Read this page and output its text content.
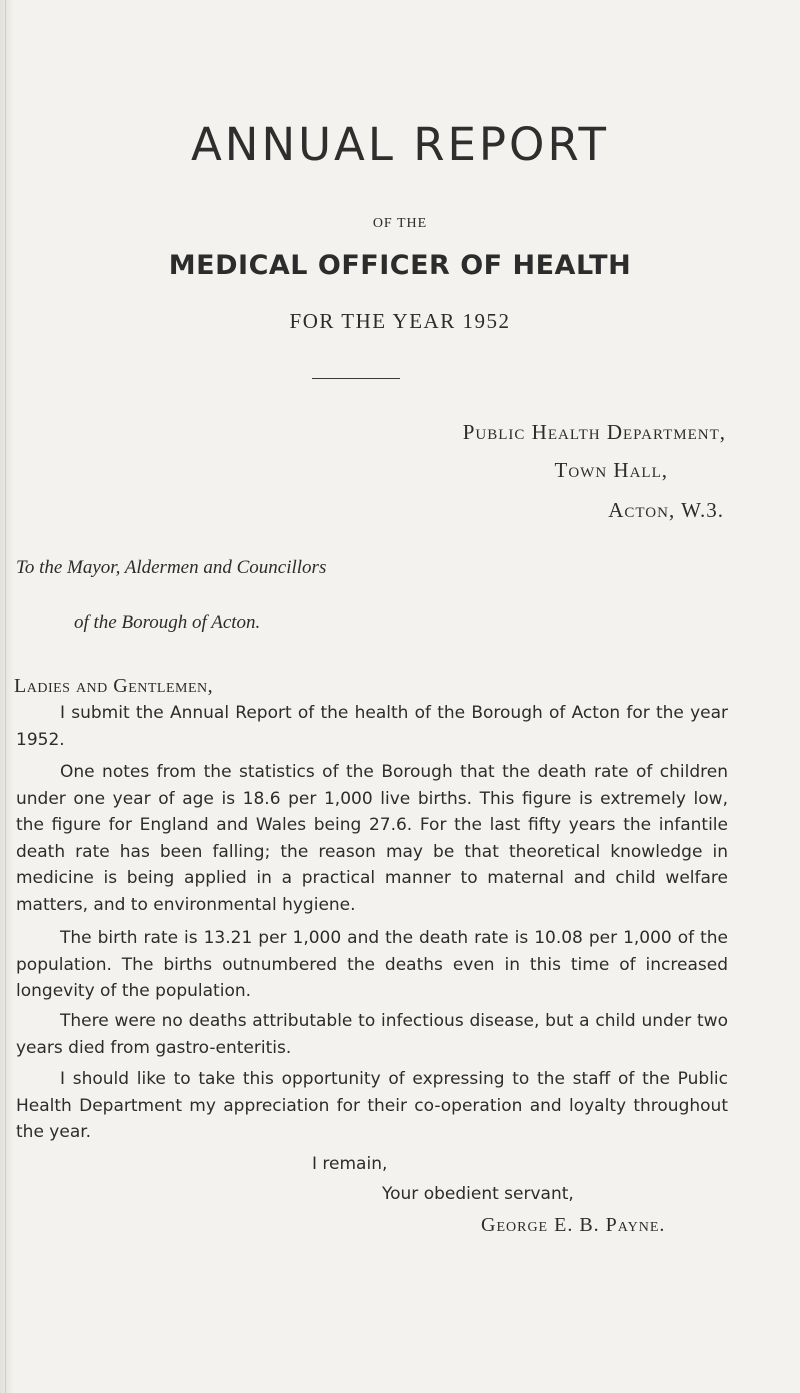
ANNUAL REPORT
OF THE
MEDICAL OFFICER OF HEALTH
FOR THE YEAR 1952
Public Health Department,
Town Hall,
Acton, W.3.
To the Mayor, Aldermen and Councillors
of the Borough of Acton.
Ladies and Gentlemen,

I submit the Annual Report of the health of the Borough of Acton for the year 1952.

One notes from the statistics of the Borough that the death rate of children under one year of age is 18.6 per 1,000 live births. This figure is extremely low, the figure for England and Wales being 27.6. For the last fifty years the infantile death rate has been falling; the reason may be that theoretical knowledge in medicine is being applied in a practical manner to maternal and child welfare matters, and to environmental hygiene.

The birth rate is 13.21 per 1,000 and the death rate is 10.08 per 1,000 of the population. The births outnumbered the deaths even in this time of increased longevity of the population.

There were no deaths attributable to infectious disease, but a child under two years died from gastro-enteritis.

I should like to take this opportunity of expressing to the staff of the Public Health Department my appreciation for their co-operation and loyalty throughout the year.

I remain,
Your obedient servant,
George E. B. Payne.
